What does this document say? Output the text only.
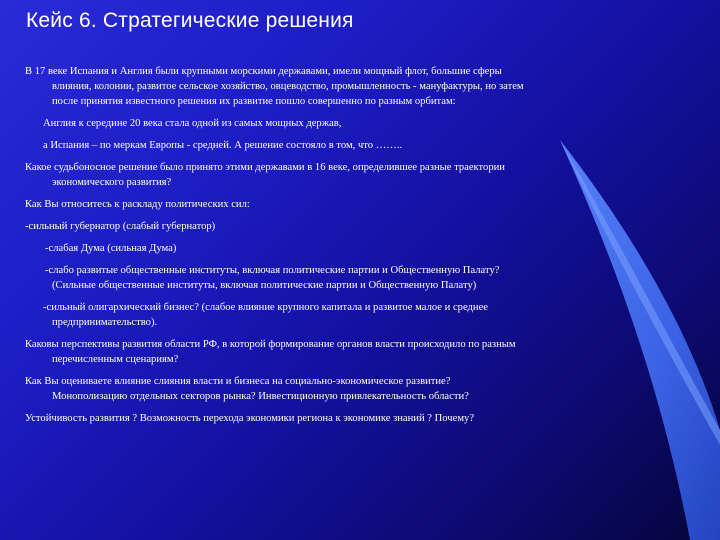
Кейс 6. Стратегические решения
В 17 веке Испания и Англия были крупными морскими державами, имели мощный флот, большие сферы
влияния, колонии, развитое сельское хозяйство, овцеводство, промышленность - мануфактуры, но затем
после принятия известного решения их развитие пошло совершенно по разным орбитам:
Англия к середине 20 века стала одной из самых мощных держав,
а Испания – по меркам Европы - средней. А решение состояло в том, что ……..
Какое судьбоносное решение было принято этими державами в 16 веке, определившее разные траектории
экономического развития?
Как Вы относитесь к раскладу политических сил:
-сильный губернатор (слабый губернатор)
-слабая Дума (сильная Дума)
-слабо развитые общественные институты, включая политические партии и Общественную Палату?
(Сильные общественные институты, включая политические партии и Общественную Палату)
-сильный олигархический бизнес? (слабое влияние крупного капитала и развитое малое и среднее
предпринимательство).
Каковы перспективы развития области РФ, в которой формирование органов власти происходило по разным
перечисленным сценариям?
Как Вы оцениваете влияние слияния власти и бизнеса на социально-экономическое развитие?
Монополизацию отдельных секторов рынка? Инвестиционную привлекательность области?
Устойчивость развития ? Возможность перехода экономики региона к экономике знаний ? Почему?
